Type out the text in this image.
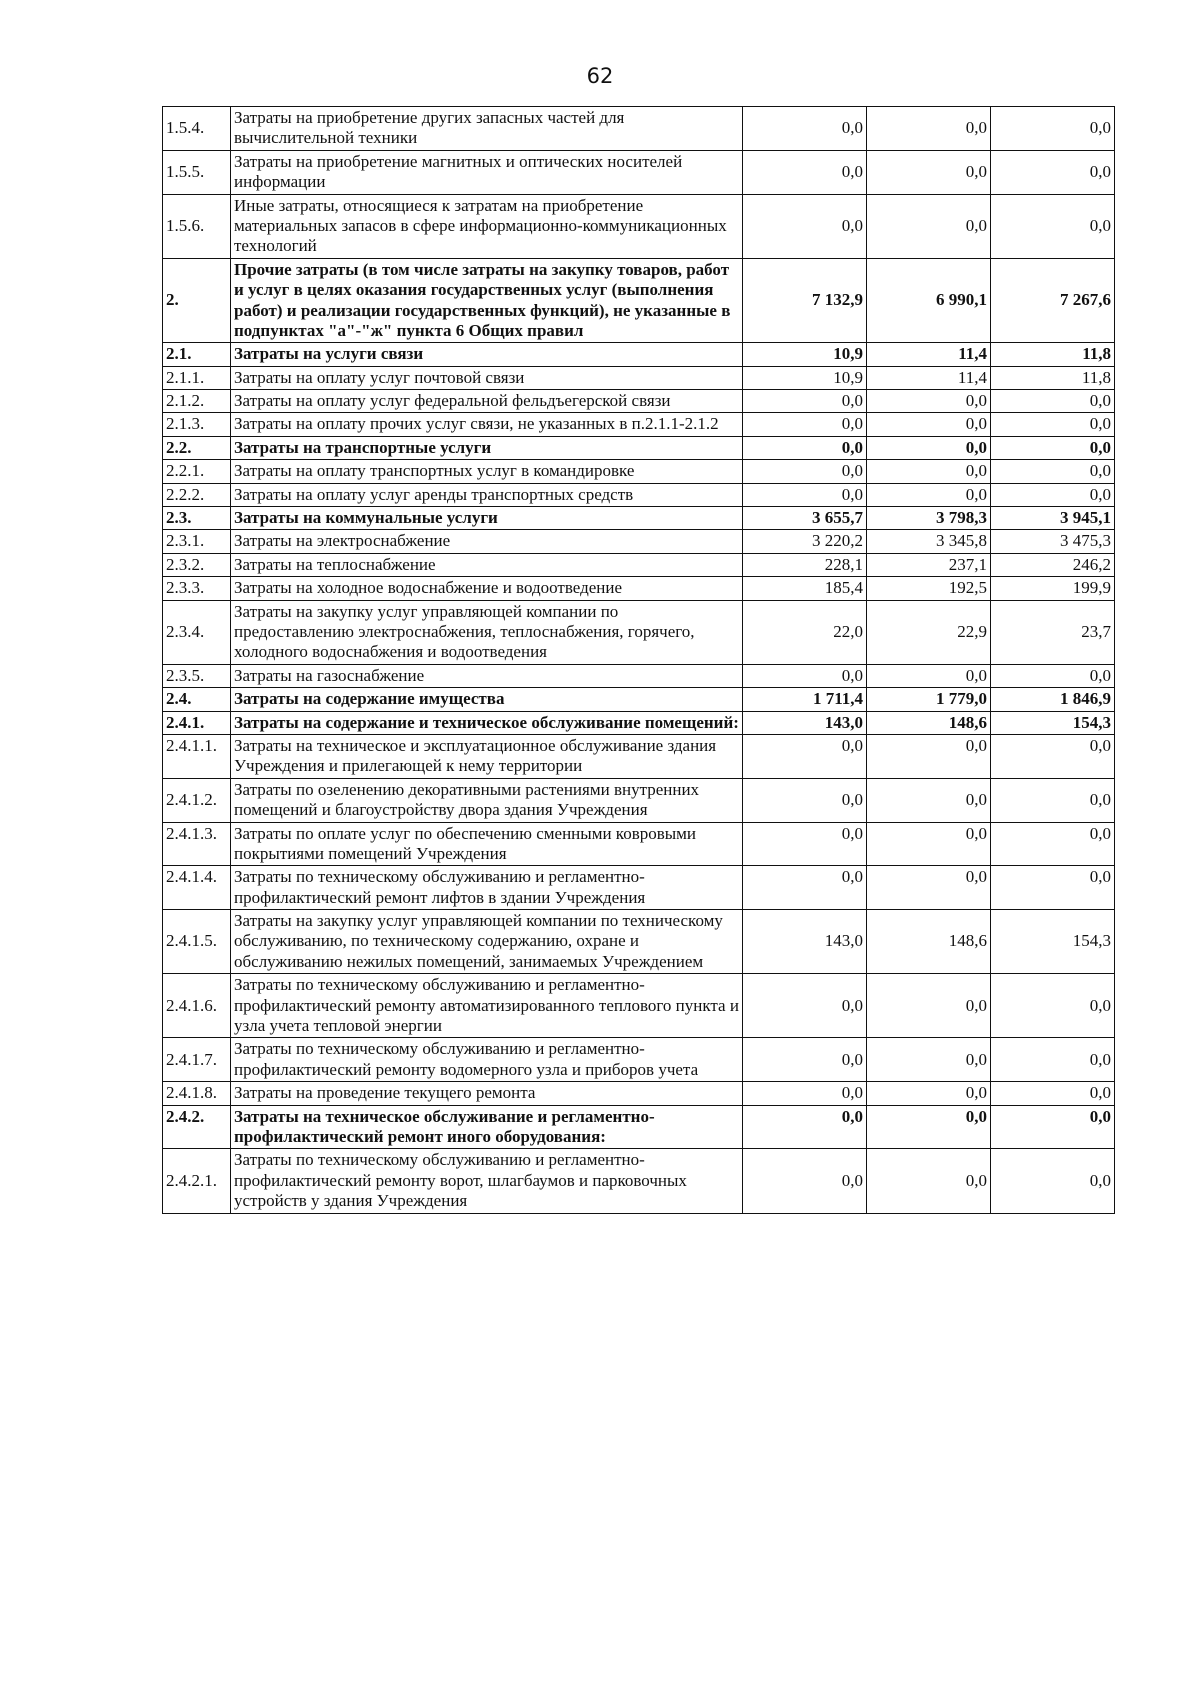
62
1.5.4.	Затраты на приобретение других запасных частей для вычислительной техники	0,0	0,0	0,0
1.5.5.	Затраты на приобретение магнитных и оптических носителей информации	0,0	0,0	0,0
1.5.6.	Иные затраты, относящиеся к затратам на приобретение материальных запасов в сфере информационно-коммуникационных технологий	0,0	0,0	0,0
2.	Прочие затраты (в том числе затраты на закупку товаров, работ и услуг в целях оказания государственных услуг (выполнения работ) и реализации государственных функций), не указанные в подпунктах "а"-"ж" пункта 6 Общих правил	7 132,9	6 990,1	7 267,6
2.1.	Затраты на услуги связи	10,9	11,4	11,8
2.1.1.	Затраты на оплату услуг почтовой связи	10,9	11,4	11,8
2.1.2.	Затраты на оплату услуг федеральной фельдъегерской связи	0,0	0,0	0,0
2.1.3.	Затраты на оплату прочих услуг связи, не указанных в п.2.1.1-2.1.2	0,0	0,0	0,0
2.2.	Затраты на транспортные услуги	0,0	0,0	0,0
2.2.1.	Затраты на оплату транспортных услуг в командировке	0,0	0,0	0,0
2.2.2.	Затраты на оплату услуг аренды транспортных средств	0,0	0,0	0,0
2.3.	Затраты на коммунальные услуги	3 655,7	3 798,3	3 945,1
2.3.1.	Затраты на электроснабжение	3 220,2	3 345,8	3 475,3
2.3.2.	Затраты на теплоснабжение	228,1	237,1	246,2
2.3.3.	Затраты на холодное водоснабжение и водоотведение	185,4	192,5	199,9
2.3.4.	Затраты на закупку услуг управляющей компании по предоставлению электроснабжения, теплоснабжения, горячего, холодного водоснабжения и водоотведения	22,0	22,9	23,7
2.3.5.	Затраты на газоснабжение	0,0	0,0	0,0
2.4.	Затраты на содержание имущества	1 711,4	1 779,0	1 846,9
2.4.1.	Затраты на содержание и техническое обслуживание помещений:	143,0	148,6	154,3
2.4.1.1.	Затраты на техническое и эксплуатационное обслуживание здания Учреждения и прилегающей к нему территории	0,0	0,0	0,0
2.4.1.2.	Затраты по озеленению декоративными растениями внутренних помещений и благоустройству двора здания Учреждения	0,0	0,0	0,0
2.4.1.3.	Затраты по оплате услуг по обеспечению сменными ковровыми покрытиями помещений Учреждения	0,0	0,0	0,0
2.4.1.4.	Затраты по техническому обслуживанию и регламентно-профилактический ремонт лифтов в здании Учреждения	0,0	0,0	0,0
2.4.1.5.	Затраты на закупку услуг управляющей компании по техническому обслуживанию, по техническому содержанию, охране и обслуживанию нежилых помещений, занимаемых Учреждением	143,0	148,6	154,3
2.4.1.6.	Затраты по техническому обслуживанию и регламентно-профилактический ремонту автоматизированного теплового пункта и узла учета тепловой энергии	0,0	0,0	0,0
2.4.1.7.	Затраты по техническому обслуживанию и регламентно-профилактический ремонту водомерного узла и приборов учета	0,0	0,0	0,0
2.4.1.8.	Затраты на проведение текущего ремонта	0,0	0,0	0,0
2.4.2.	Затраты на техническое обслуживание и регламентно-профилактический ремонт иного оборудования:	0,0	0,0	0,0
2.4.2.1.	Затраты по техническому обслуживанию и регламентно-профилактический ремонту ворот, шлагбаумов и парковочных устройств у здания Учреждения	0,0	0,0	0,0
